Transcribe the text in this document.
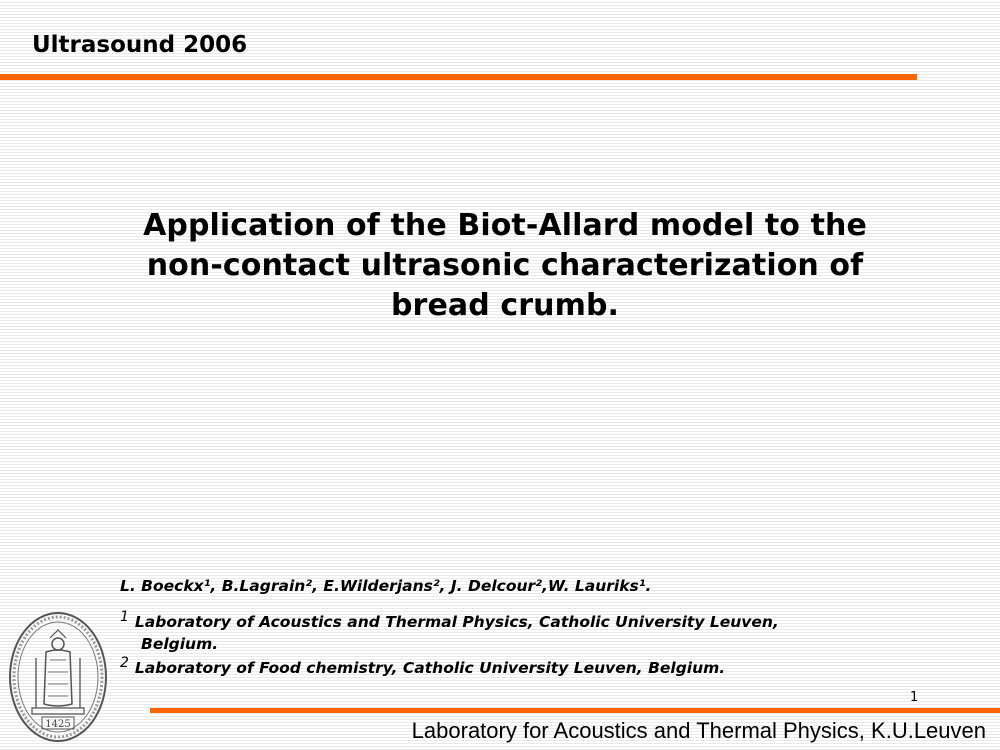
Ultrasound 2006
Application of the Biot-Allard model to the
non-contact ultrasonic characterization of
bread crumb.
L. Boeckx¹, B.Lagrain², E.Wilderjans², J. Delcour²,W. Lauriks¹.
$^1$ Laboratory of Acoustics and Thermal Physics, Catholic University Leuven,
Belgium.
$^2$ Laboratory of Food chemistry, Catholic University Leuven, Belgium.
1425
1
Laboratory for Acoustics and Thermal Physics, K.U.Leuven
